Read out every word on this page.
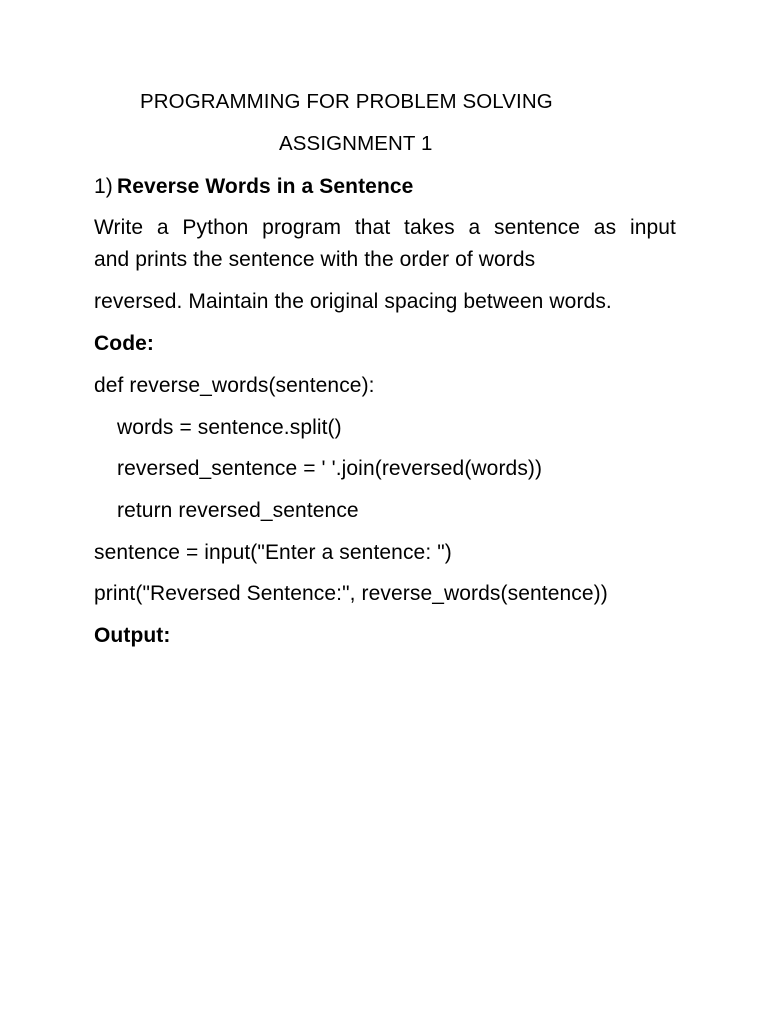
PROGRAMMING FOR PROBLEM SOLVING
ASSIGNMENT 1
1) Reverse Words in a Sentence
Write a Python program that takes a sentence as input
and prints the sentence with the order of words
reversed. Maintain the original spacing between words.
Code:
def reverse_words(sentence):
words = sentence.split()
reversed_sentence = ' '.join(reversed(words))
return reversed_sentence
sentence = input("Enter a sentence: ")
print("Reversed Sentence:", reverse_words(sentence))
Output:
